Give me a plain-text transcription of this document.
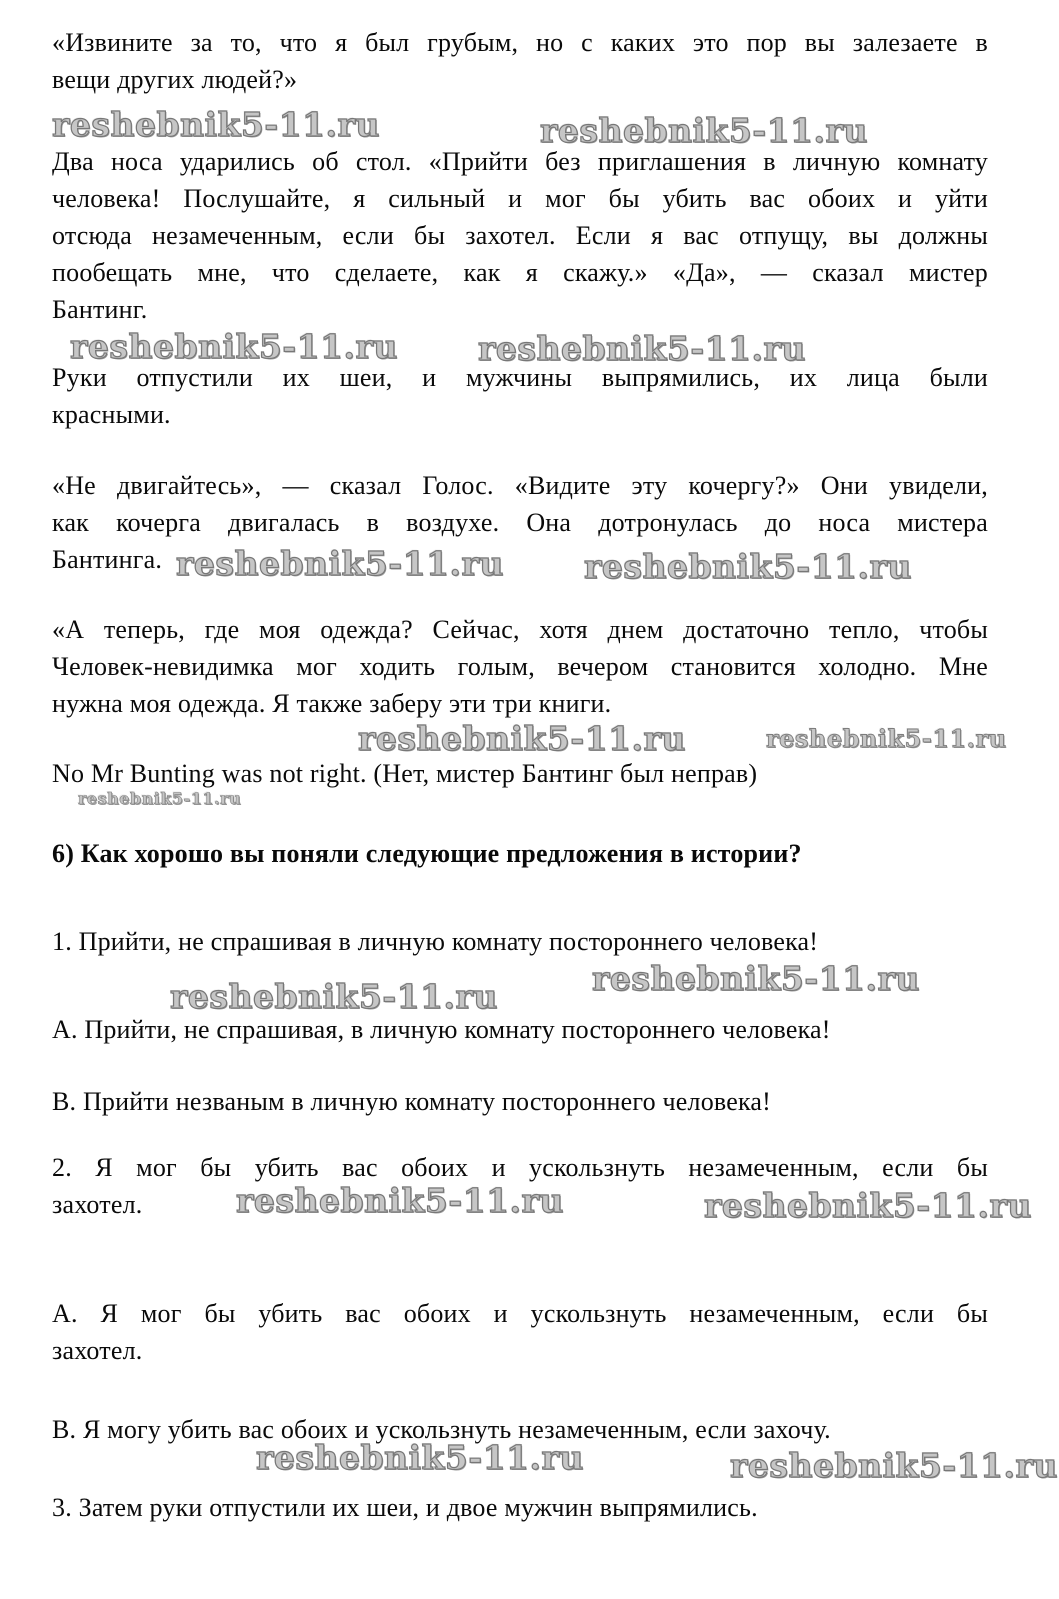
«Извините за то, что я был грубым, но с каких это пор вы залезаете в
вещи других людей?»
reshebnik5-11.ru	reshebnik5-11.ru
Два носа ударились об стол. «Прийти без приглашения в личную комнату
человека! Послушайте, я сильный и мог бы убить вас обоих и уйти
отсюда незамеченным, если бы захотел. Если я вас отпущу, вы должны
пообещать мне, что сделаете, как я скажу.» «Да», — сказал мистер
Бантинг.
reshebnik5-11.ru reshebnik5-11.ru
Руки отпустили их шеи, и мужчины выпрямились, их лица были
красными.
«Не двигайтесь», — сказал Голос. «Видите эту кочергу?» Они увидели,
как кочерга двигалась в воздухе. Она дотронулась до носа мистера
Бантинга. reshebnik5-11.ru reshebnik5-11.ru
«А теперь, где моя одежда? Сейчас, хотя днем достаточно тепло, чтобы
Человек-невидимка мог ходить голым, вечером становится холодно. Мне
нужна моя одежда. Я также заберу эти три книги.
reshebnik5-11.ru	reshebnik5-11.ru
No Mr Bunting was not right. (Нет, мистер Бантинг был неправ)
reshebnik5-11.ru
6) Как хорошо вы поняли следующие предложения в истории?
1. Прийти, не спрашивая в личную комнату постороннего человека!
reshebnik5-11.ru
reshebnik5-11.ru
А. Прийти, не спрашивая, в личную комнату постороннего человека!
В. Прийти незваным в личную комнату постороннего человека!
2. Я мог бы убить вас обоих и ускользнуть незамеченным, если бы
захотел.	reshebnik5-11.ru	reshebnik5-11.ru
А. Я мог бы убить вас обоих и ускользнуть незамеченным, если бы
захотел.
В. Я могу убить вас обоих и ускользнуть незамеченным, если захочу.
reshebnik5-11.ru	reshebnik5-11.ru
3. Затем руки отпустили их шеи, и двое мужчин выпрямились.
